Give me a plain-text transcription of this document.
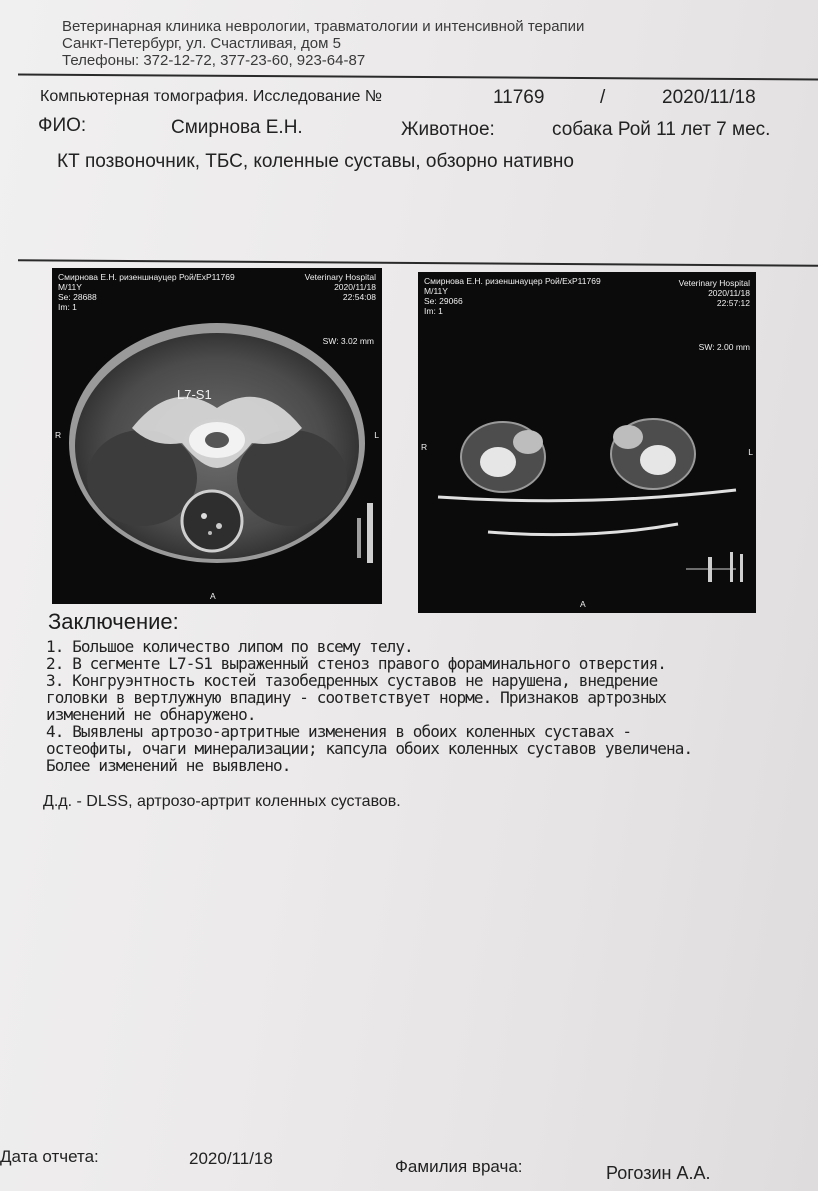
Ветеринарная клиника неврологии, травматологии и интенсивной терапии
Санкт-Петербург, ул. Счастливая, дом 5
Телефоны: 372-12-72, 377-23-60, 923-64-87
Компьютерная томография. Исследование №	11769	/	2020/11/18
ФИО:	Смирнова Е.Н.	Животное:	собака Рой 11 лет 7 мес.
КТ позвоночник, ТБС, коленные суставы, обзорно нативно
Смирнова Е.Н. ризеншнауцер Рой/ExP11769
M/11Y
Se: 28688
Im: 1
Veterinary Hospital
2020/11/18
22:54:08
SW: 3.02 mm
L7-S1
R	L
A
Смирнова Е.Н. ризеншнауцер Рой/ExP11769
M/11Y
Se: 29066
Im: 1
Veterinary Hospital
2020/11/18
22:57:12
SW: 2.00 mm
R	L
A
Заключение:
1. Большое количество липом по всему телу.
2. В сегменте L7-S1 выраженный стеноз правого фораминального отверстия.
3. Конгруэнтность костей тазобедренных суставов не нарушена, внедрение
головки в вертлужную впадину - соответствует норме. Признаков артрозных
изменений не обнаружено.
4. Выявлены артрозо-артритные изменения в обоих коленных суставах -
остеофиты, очаги минерализации; капсула обоих коленных суставов увеличена.
Более изменений не выявлено.
Д.д. - DLSS, артрозо-артрит коленных суставов.
Дата отчета:	2020/11/18	Фамилия врача:	Рогозин А.А.
